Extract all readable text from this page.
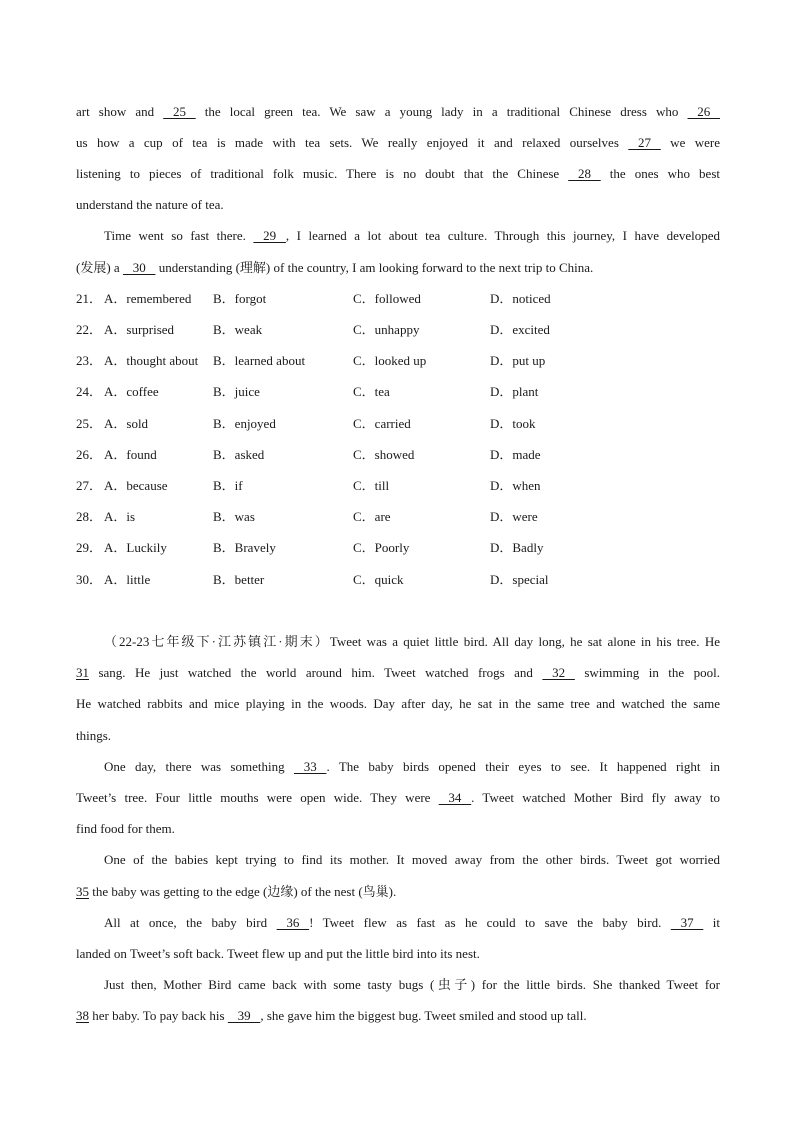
art show and    25    the local green tea. We saw a young lady in a traditional Chinese dress who    26
us how a cup of tea is made with tea sets. We really enjoyed it and relaxed ourselves    27    we were
listening to pieces of traditional folk music. There is no doubt that the Chinese    28    the ones who best
understand the nature of tea.
Time went so fast there.    29   , I learned a lot about tea culture. Through this journey, I have developed
(发展) a    30    understanding (理解) of the country, I am looking forward to the next trip to China.
21． A．remembered B．forgot	C．followed	D．noticed
22． A．surprised	B．weak	C．unhappy	D．excited
23． A．thought about B．learned about	C．looked up	D．put up
24． A．coffee	B．juice	C．tea	D．plant
25． A．sold	B．enjoyed	C．carried	D．took
26． A．found	B．asked	C．showed	D．made
27． A．because	B．if	C．till	D．when
28． A．is	B．was	C．are	D．were
29． A．Luckily	B．Bravely	C．Poorly	D．Badly
30． A．little	B．better	C．quick	D．special
（22-23七年级下·江苏镇江·期末）Tweet was a quiet little bird. All day long, he sat alone in his tree. He
31 sang. He just watched the world around him. Tweet watched frogs and    32    swimming in the pool.
He watched rabbits and mice playing in the woods. Day after day, he sat in the same tree and watched the same
things.
One day, there was something    33   . The baby birds opened their eyes to see. It happened right in
Tweet’s tree. Four little mouths were open wide. They were    34   . Tweet watched Mother Bird fly away to
find food for them.
One of the babies kept trying to find its mother. It moved away from the other birds. Tweet got worried
35 the baby was getting to the edge (边缘) of the nest (鸟巢).
All at once, the baby bird    36   ! Tweet flew as fast as he could to save the baby bird.    37    it
landed on Tweet’s soft back. Tweet flew up and put the little bird into its nest.
Just then, Mother Bird came back with some tasty bugs (虫子) for the little birds. She thanked Tweet for
38 her baby. To pay back his    39   , she gave him the biggest bug. Tweet smiled and stood up tall.
